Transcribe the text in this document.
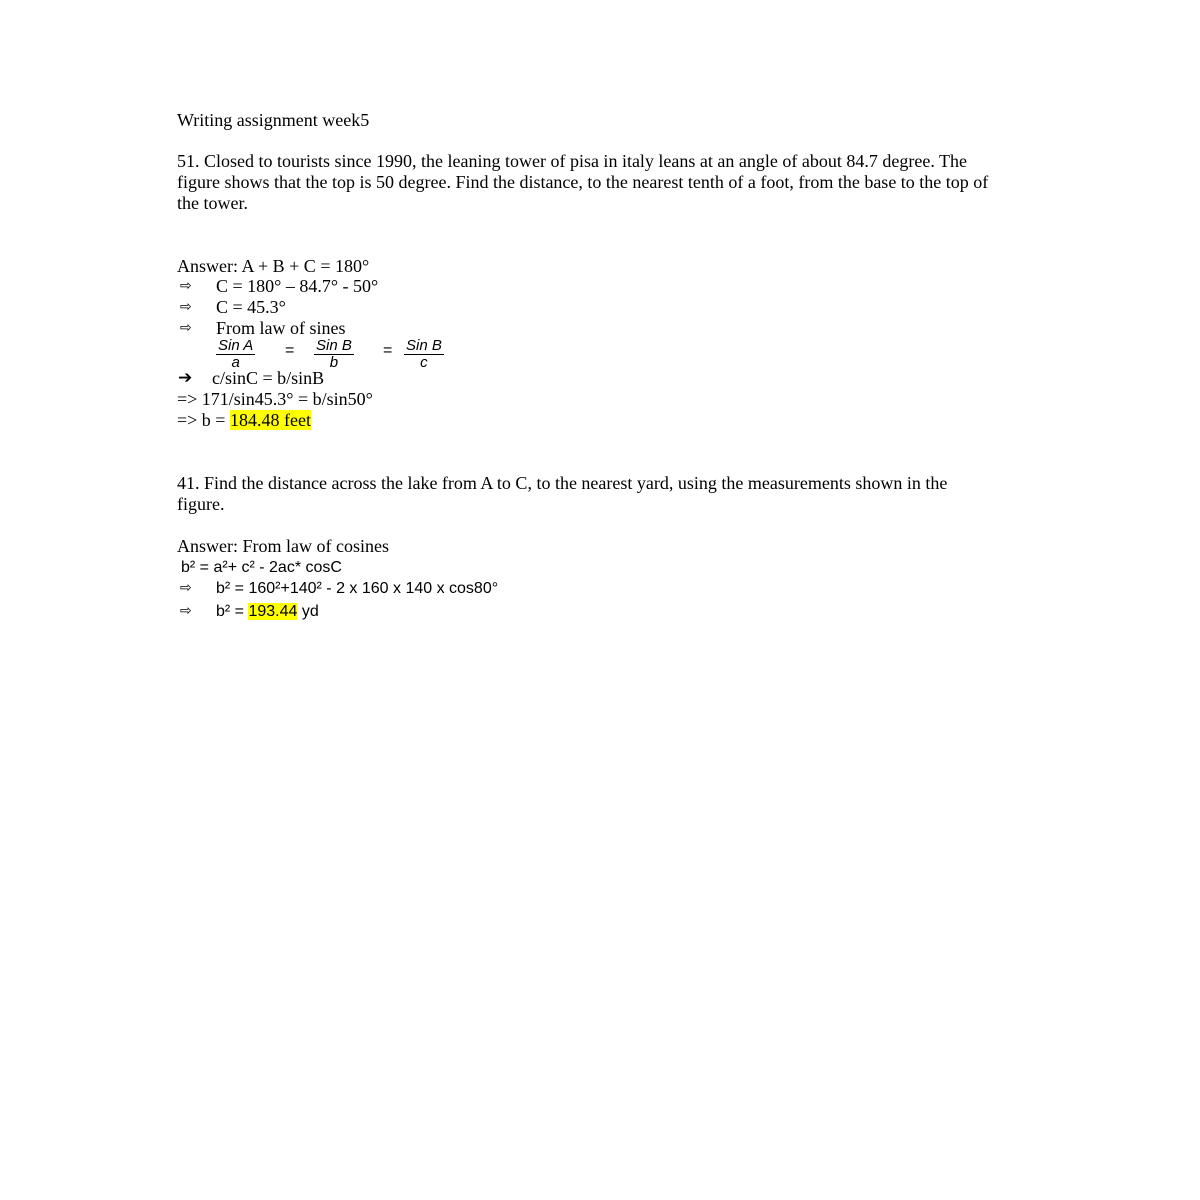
Writing assignment week5
51. Closed to tourists since 1990, the leaning tower of pisa in italy leans at an angle of about 84.7 degree. The figure shows that the top is 50 degree. Find the distance, to the nearest tenth of a foot, from the base to the top of the tower.
Answer: A + B + C = 180°
⇨ C = 180° – 84.7° - 50°
⇨ C = 45.3°
⇨ From law of sines
Sin A
a
= Sin B
b
= Sin B
c
➔ c/sinC = b/sinB
=> 171/sin45.3° = b/sin50°
=> b = 184.48 feet
41. Find the distance across the lake from A to C, to the nearest yard, using the measurements shown in the figure.
Answer: From law of cosines
b² = a²+ c² - 2ac* cosC
⇨ b² = 160²+140² - 2 x 160 x 140 x cos80°
⇨ b² = 193.44 yd
